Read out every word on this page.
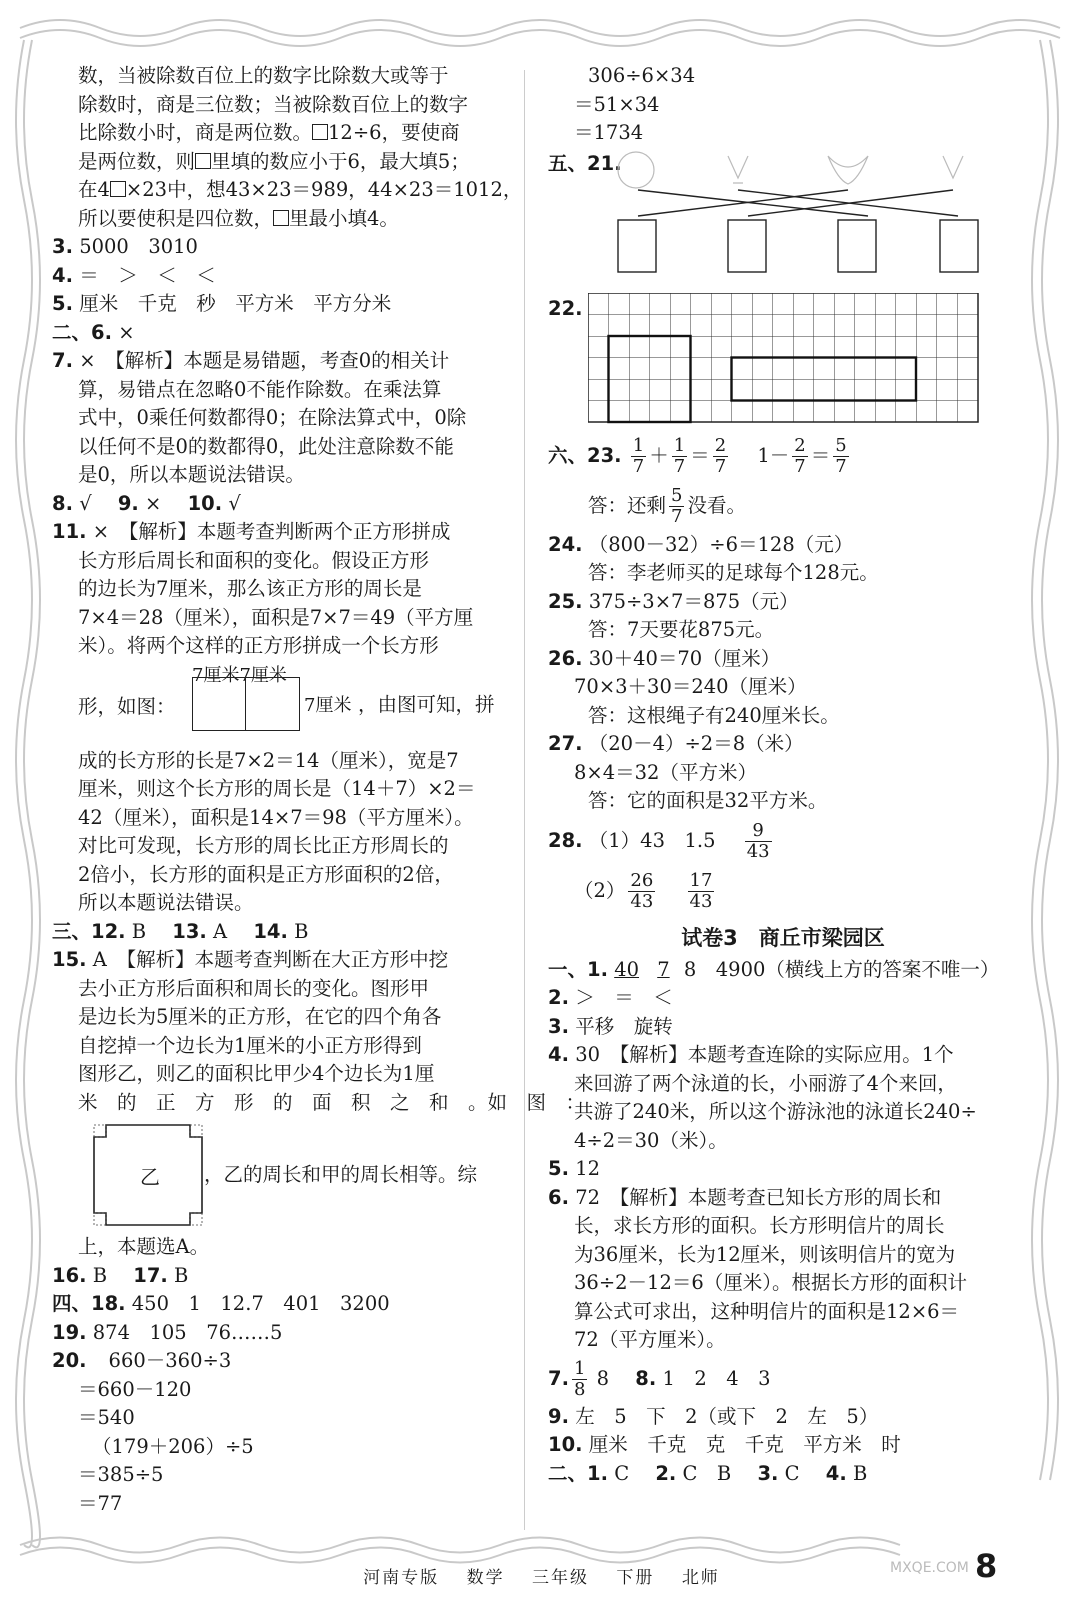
数，当被除数百位上的数字比除数大或等于
除数时，商是三位数；当被除数百位上的数字
比除数小时，商是两位数。 12÷6，要使商
是两位数，则 里填的数应小于6，最大填5；
在4 ×23中，想43×23＝989，44×23＝1012，
所以要使积是四位数， 里最小填4。
3. 5000　3010
4. ＝　＞　＜　＜
5. 厘米　千克　秒　平方米　平方分米
二、6. ×
7. ×　【解析】本题是易错题，考查0的相关计
算，易错点在忽略0不能作除数。在乘法算
式中，0乘任何数都得0；在除法算式中，0除
以任何不是0的数都得0，此处注意除数不能
是0，所以本题说法错误。
8. √ 9. × 10. √
11. ×　【解析】本题考查判断两个正方形拼成
长方形后周长和面积的变化。假设正方形
的边长为7厘米，那么该正方形的周长是
7×4＝28（厘米），面积是7×7＝49（平方厘
米）。将两个这样的正方形拼成一个长方形
7厘米7厘米
形，如图：	7厘米 ，由图可知，拼
成的长方形的长是7×2＝14（厘米），宽是7
厘米，则这个长方形的周长是（14＋7）×2＝
42（厘米），面积是14×7＝98（平方厘米）。
对比可发现，长方形的周长比正方形周长的
2倍小，长方形的面积是正方形面积的2倍，
所以本题说法错误。
三、12. B 13. A 14. B
15. A　【解析】本题考查判断在大正方形中挖
去小正方形后面积和周长的变化。图形甲
是边长为5厘米的正方形，在它的四个角各
自挖掉一个边长为1厘米的小正方形得到
图形乙，则乙的面积比甲少4个边长为1厘
米　的　正　方　形　的　面　积　之　和　。如　图　：
乙 ，乙的周长和甲的周长相等。综
上，本题选A。
16. B 17. B
四、18. 450　1　12.7　401　3200
19. 874　105　76……5
20. 660－360÷3
＝660－120
＝540
（179＋206）÷5
＝385÷5
＝77
306÷6×34
＝51×34
＝1734
五、21.
22.
六、23. $\frac{1}{7} + \frac{1}{7} = \frac{2}{7} 1- \frac{2}{7} = \frac{5}{7}$
答：还剩 $\frac{5}{7}$ 没看。
24. （800－32）÷6＝128（元）
答：李老师买的足球每个128元。
25. 375÷3×7＝875（元）
答：7天要花875元。
26. 30＋40＝70（厘米）
70×3＋30＝240（厘米）
答：这根绳子有240厘米长。
27. （20－4）÷2＝8（米）
8×4＝32（平方米）
答：它的面积是32平方米。
28. （1）43　$1.5 \frac{9}{43}$
$(2) \frac{26}{43}$
$\frac{17}{43}$
试卷3　商丘市梁园区
一、1. 40 7 8　4900（横线上方的答案不唯一）
2. ＞　＝　＜
3. 平移　旋转
4. 30　【解析】本题考查连除的实际应用。1个
来回游了两个泳道的长，小丽游了4个来回，
共游了240米，所以这个游泳池的泳道长240÷
4÷2＝30（米）。
5. 12
6. 72　【解析】本题考查已知长方形的周长和
长，求长方形的面积。长方形明信片的周长
为36厘米，长为12厘米，则该明信片的宽为
36÷2－12＝6（厘米）。根据长方形的面积计
算公式可求出，这种明信片的面积是12×6＝
72（平方厘米）。
7. $\frac{1}{8} 8$ 8. 1　2　4　3
9. 左　5　下　2（或下　2　左　5）
10. 厘米　千克　克　千克　平方米　时
二、1. C 2. C　B 3. C 4. B
河南专版 数学 三年级 下册 北师	8
MXQE.COM
